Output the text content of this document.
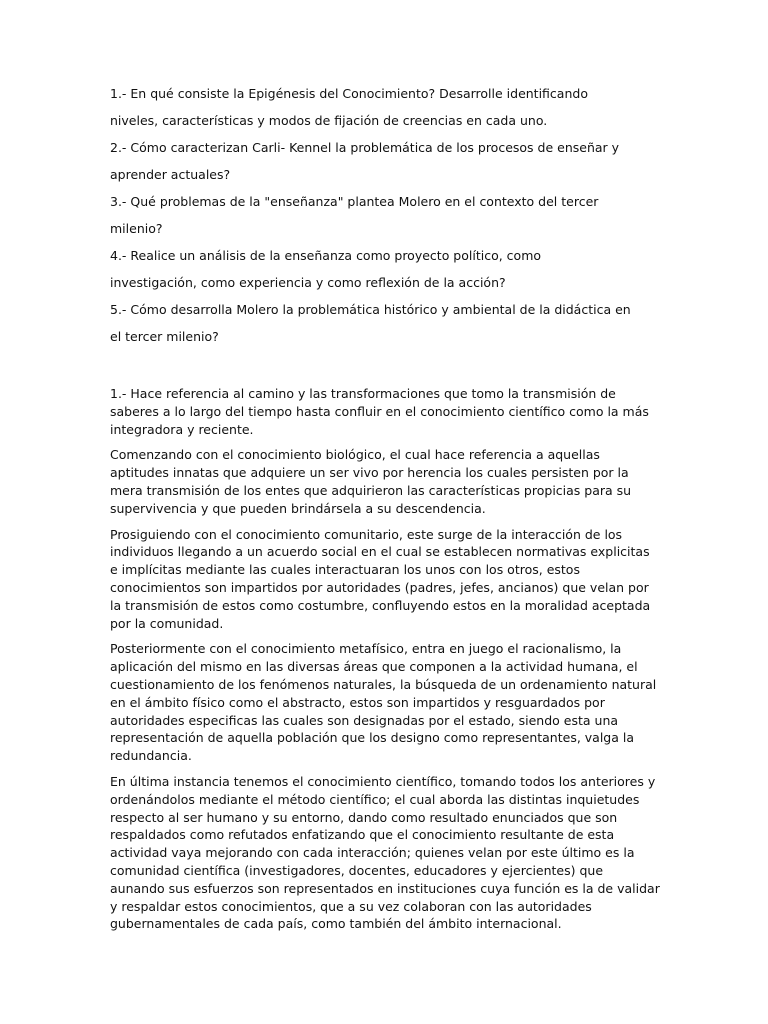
1.- En qué consiste la Epigénesis del Conocimiento? Desarrolle identificando

niveles, características y modos de fijación de creencias en cada uno.

2.- Cómo caracterizan Carli- Kennel la problemática de los procesos de enseñar y

aprender actuales?

3.- Qué problemas de la "enseñanza" plantea Molero en el contexto del tercer

milenio?

4.- Realice un análisis de la enseñanza como proyecto político, como

investigación, como experiencia y como reflexión de la acción?

5.- Cómo desarrolla Molero la problemática histórico y ambiental de la didáctica en

el tercer milenio?

1.- Hace referencia al camino y las transformaciones que tomo la transmisión de saberes a lo largo del tiempo hasta confluir en el conocimiento científico como la más integradora y reciente.

Comenzando con el conocimiento biológico, el cual hace referencia a aquellas aptitudes innatas que adquiere un ser vivo por herencia los cuales persisten por la mera transmisión de los entes que adquirieron las características propicias para su supervivencia y que pueden brindársela a su descendencia.

Prosiguiendo con el conocimiento comunitario, este surge de la interacción de los individuos llegando a un acuerdo social en el cual se establecen normativas explicitas e implícitas mediante las cuales interactuaran los unos con los otros, estos conocimientos son impartidos por autoridades (padres, jefes, ancianos) que velan por la transmisión de estos como costumbre, confluyendo estos en la moralidad aceptada por la comunidad.

Posteriormente con el conocimiento metafísico, entra en juego el racionalismo, la aplicación del mismo en las diversas áreas que componen a la actividad humana, el cuestionamiento de los fenómenos naturales, la búsqueda de un ordenamiento natural en el ámbito físico como el abstracto, estos son impartidos y resguardados por autoridades especificas las cuales son designadas por el estado, siendo esta una representación de aquella población que los designo como representantes, valga la redundancia.

En última instancia tenemos el conocimiento científico, tomando todos los anteriores y ordenándolos mediante el método científico; el cual aborda las distintas inquietudes respecto al ser humano y su entorno, dando como resultado enunciados que son respaldados como refutados enfatizando que el conocimiento resultante de esta actividad vaya mejorando con cada interacción; quienes velan por este último es la comunidad científica (investigadores, docentes, educadores y ejercientes) que aunando sus esfuerzos son representados en instituciones cuya función es la de validar y respaldar estos conocimientos, que a su vez colaboran con las autoridades gubernamentales de cada país, como también del ámbito internacional.
